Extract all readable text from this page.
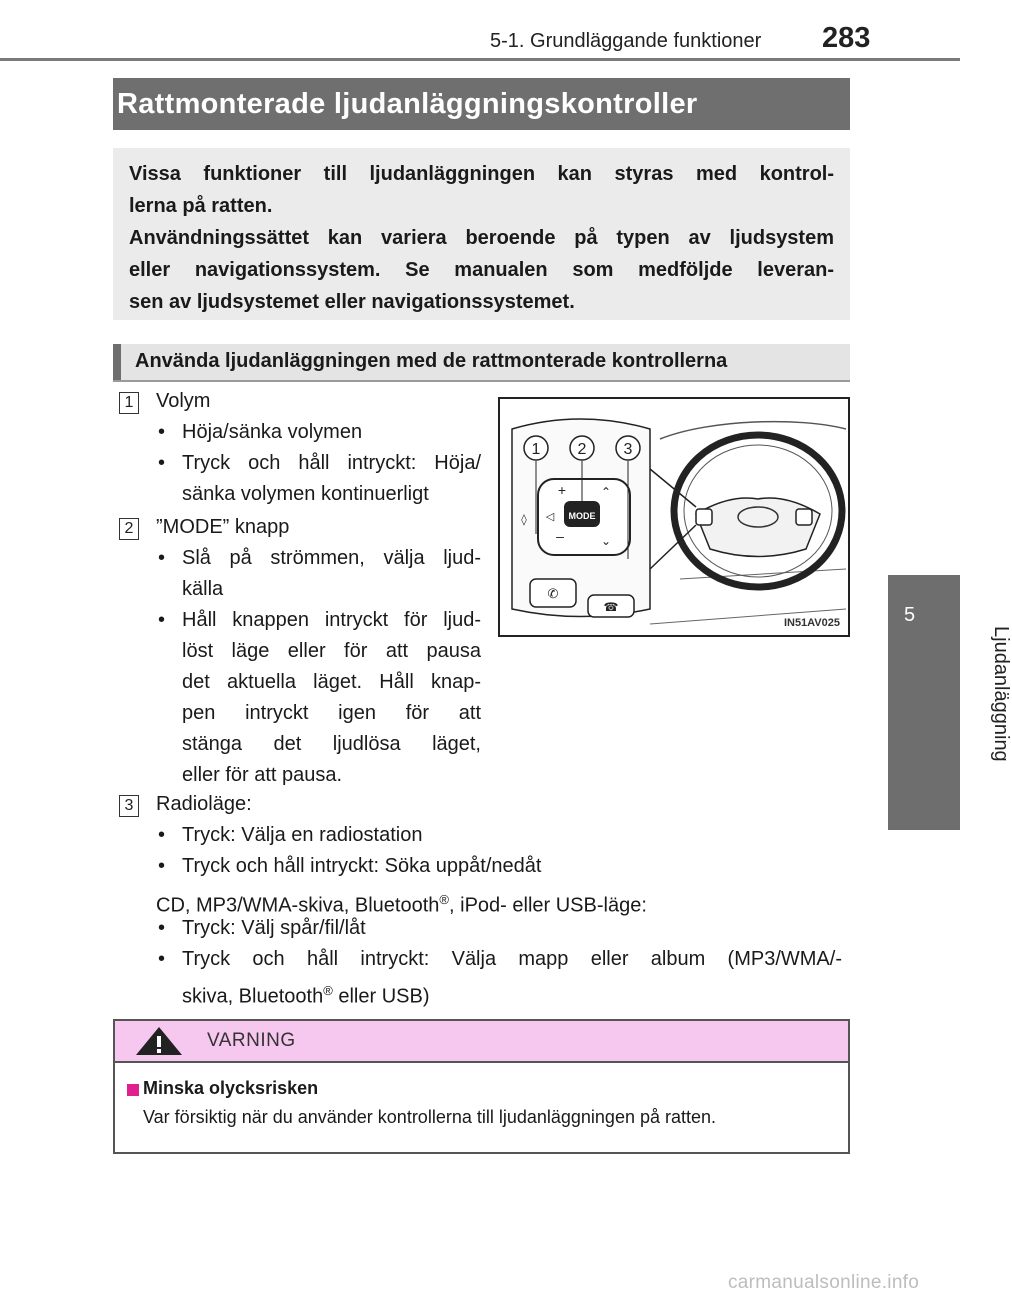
5-1. Grundläggande funktioner 283
5
Ljudanläggning
Rattmonterade ljudanläggningskontroller

Vissa funktioner till ljudanläggningen kan styras med kontrol-

lerna på ratten.

Användningssättet kan variera beroende på typen av ljudsystem

eller navigationssystem. Se manualen som medföljde leveran-

sen av ljudsystemet eller navigationssystemet.

Använda ljudanläggningen med de rattmonterade kontrollerna
1 Volym
• Höja/sänka volymen
• Tryck och håll intryckt: Höja/
sänka volymen kontinuerligt
2 ”MODE” knapp
• Slå på strömmen, välja ljud-
källa
• Håll knappen intryckt för ljud-
löst läge eller för att pausa
det aktuella läget. Håll knap-
pen intryckt igen för att
stänga det ljudlösa läget,
eller för att pausa.
3 Radioläge:
• Tryck: Välja en radiostation
• Tryck och håll intryckt: Söka uppåt/nedåt
CD, MP3/WMA-skiva, Bluetooth®, iPod- eller USB-läge:
• Tryck: Välj spår/fil/låt
• Tryck och håll intryckt: Välja mapp eller album (MP3/WMA/-
skiva, Bluetooth® eller USB)
MODE
+
–
⌃
⌄
◁
◊
✆
☎
1 2 3
IN51AV025
VARNING
Minska olycksrisken
Var försiktig när du använder kontrollerna till ljudanläggningen på ratten.
carmanualsonline.info
